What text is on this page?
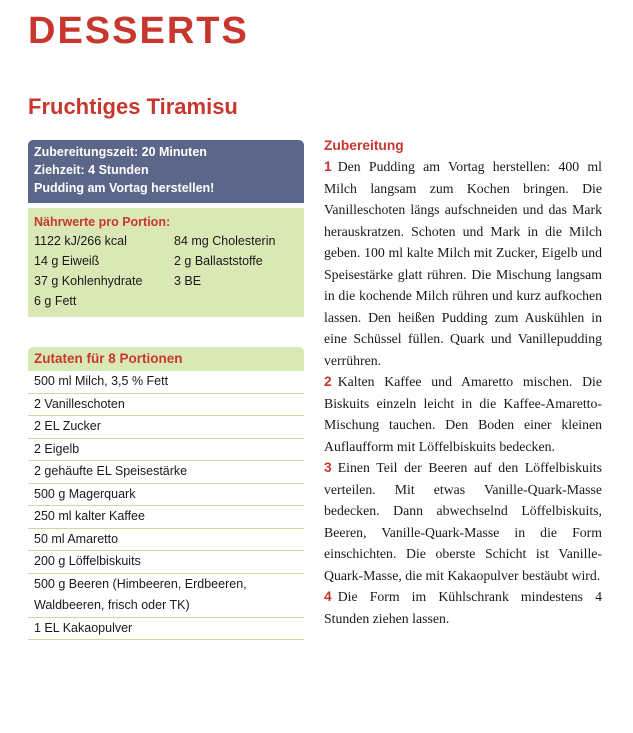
DESSERTS
Fruchtiges Tiramisu
Zubereitungszeit: 20 Minuten
Ziehzeit: 4 Stunden
Pudding am Vortag herstellen!
Nährwerte pro Portion:
1122 kJ/266 kcal	84 mg Cholesterin
14 g Eiweiß	2 g Ballaststoffe
37 g Kohlenhydrate	3 BE
6 g Fett
Zutaten für 8 Portionen
500 ml Milch, 3,5 % Fett
2 Vanilleschoten
2 EL Zucker
2 Eigelb
2 gehäufte EL Speisestärke
500 g Magerquark
250 ml kalter Kaffee
50 ml Amaretto
200 g Löffelbiskuits
500 g Beeren (Himbeeren, Erdbeeren, Waldbeeren, frisch oder TK)
1 EL Kakaopulver
Zubereitung

1 Den Pudding am Vortag herstellen: 400 ml Milch langsam zum Kochen bringen. Die Vanilleschoten längs aufschneiden und das Mark herauskratzen. Schoten und Mark in die Milch geben. 100 ml kalte Milch mit Zucker, Eigelb und Speisestärke glatt rühren. Die Mischung langsam in die kochende Milch rühren und kurz aufkochen lassen. Den heißen Pudding zum Auskühlen in eine Schüssel füllen. Quark und Vanillepudding verrühren.

2 Kalten Kaffee und Amaretto mischen. Die Biskuits einzeln leicht in die Kaffee-Amaretto-Mischung tauchen. Den Boden einer kleinen Auflaufform mit Löffelbiskuits bedecken.

3 Einen Teil der Beeren auf den Löffelbiskuits verteilen. Mit etwas Vanille-Quark-Masse bedecken. Dann abwechselnd Löffelbiskuits, Beeren, Vanille-Quark-Masse in die Form einschichten. Die oberste Schicht ist Vanille-Quark-Masse, die mit Kakaopulver bestäubt wird.

4 Die Form im Kühlschrank mindestens 4 Stunden ziehen lassen.
